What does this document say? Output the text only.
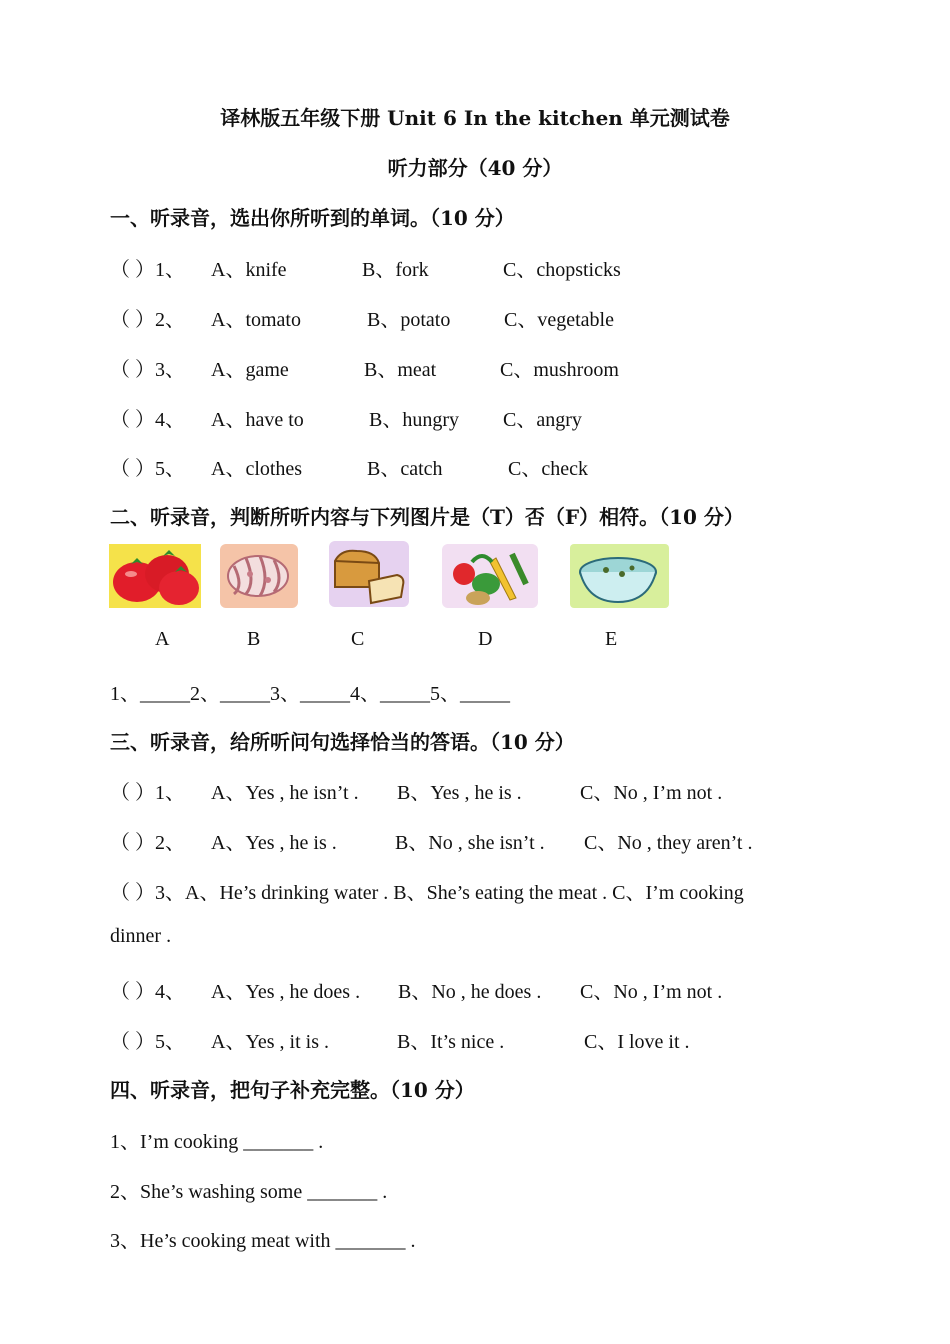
译林版五年级下册 Unit 6 In the kitchen 单元测试卷
听力部分（40 分）
一、听录音，选出你所听到的单词。（10 分）
（ ）1、 A、knife	B、fork	C、chopsticks
（ ）2、 A、tomato	B、potato	C、vegetable
（ ）3、 A、game	B、meat	C、mushroom
（ ）4、 A、have to	B、hungry C、angry
（ ）5、 A、clothes	B、catch	C、check
二、听录音，判断所听内容与下列图片是（T）否（F）相符。（10 分）
A	B	C	D	E
1、_____2、_____3、_____4、_____5、_____
三、听录音，给所听问句选择恰当的答语。（10 分）
（ ）1、 A、Yes , he isn’t . B、Yes , he is .	C、No , I’m not .
（ ）2、 A、Yes , he is .	B、No , she isn’t . C、No , they aren’t .
（ ）3、A、He’s drinking water . B、She’s eating the meat . C、I’m cooking
dinner .
（ ）4、 A、Yes , he does . B、No , he does . C、No , I’m not .
（ ）5、 A、Yes , it is .	B、It’s nice .	C、I love it .
四、听录音，把句子补充完整。（10 分）
1、I’m cooking _______ .
2、She’s washing some _______ .
3、He’s cooking meat with _______ .
